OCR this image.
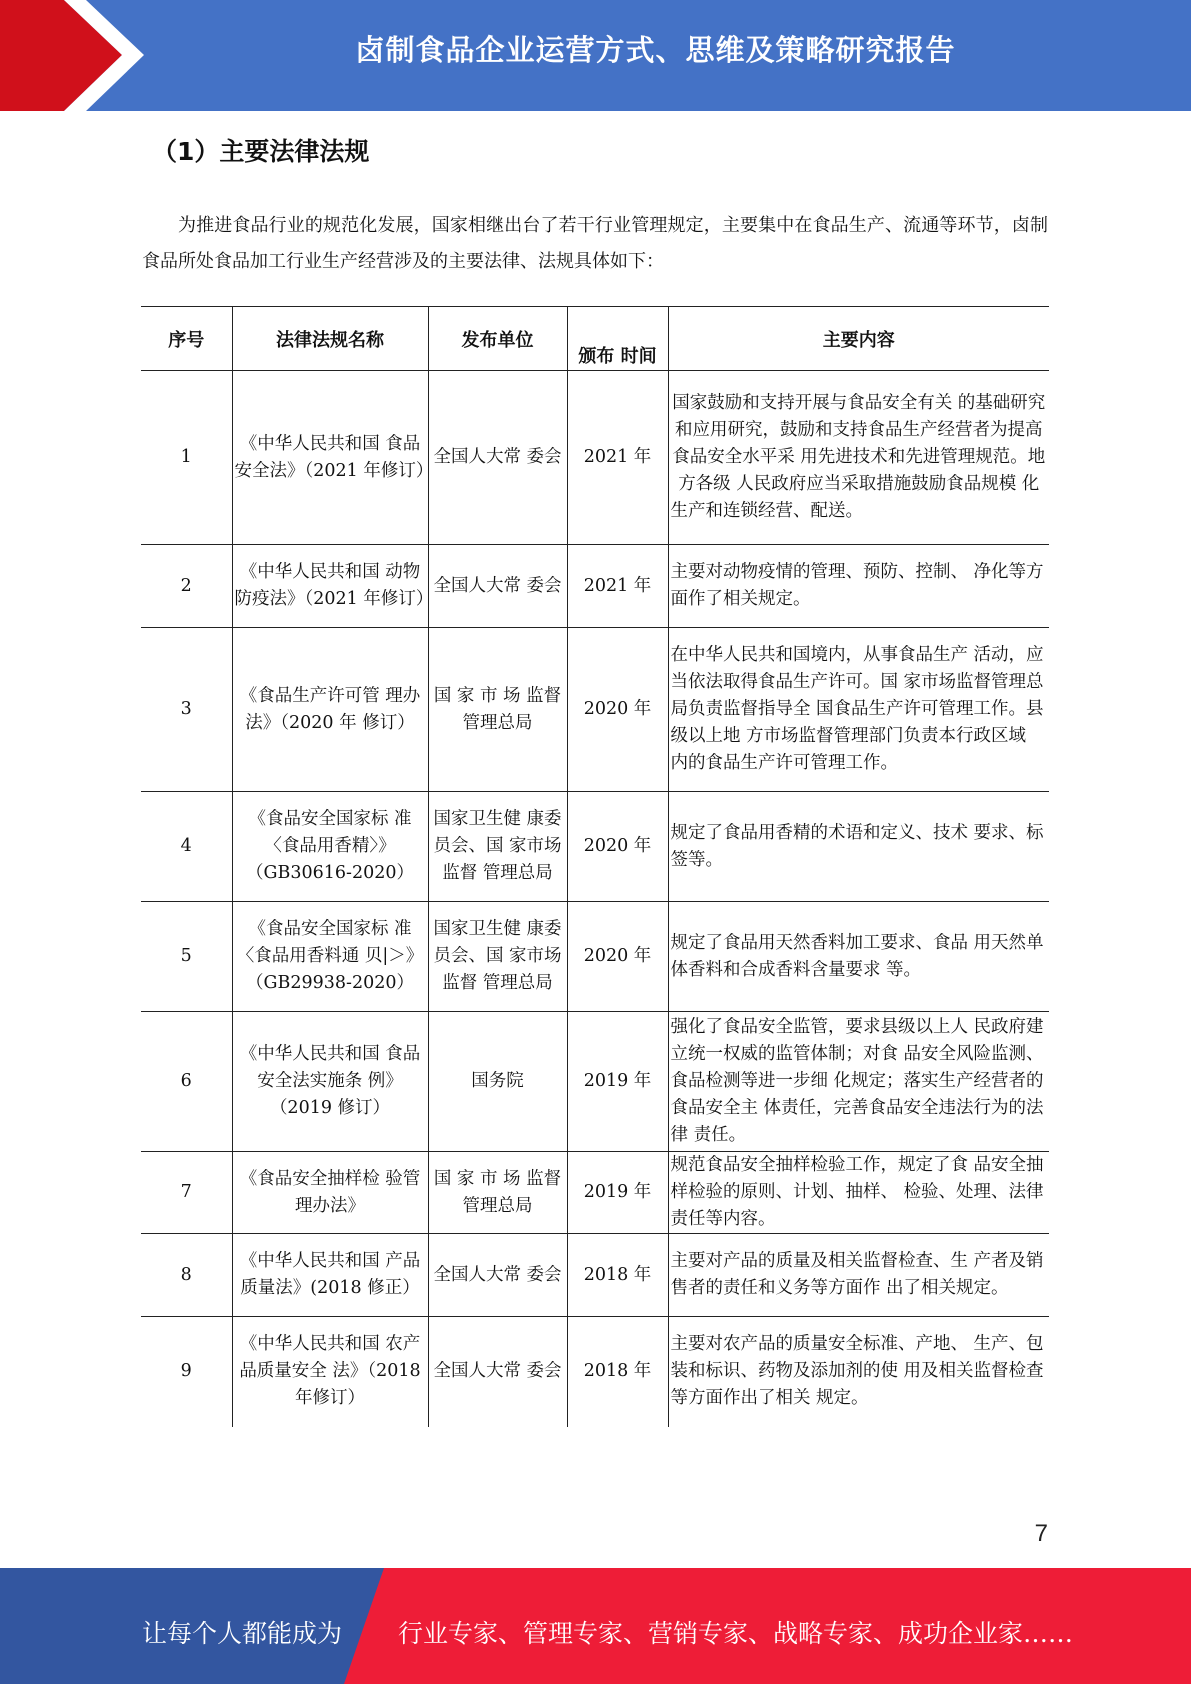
卤制食品企业运营方式、思维及策略研究报告
（1）主要法律法规

为推进食品行业的规范化发展，国家相继出台了若干行业管理规定，主要集中在食品生产、流通等环节，卤制食品所处食品加工行业生产经营涉及的主要法律、法规具体如下：

序号	法律法规名称	发布单位	颁布 时间	主要内容
1	《中华人民共和国 食品安全法》（2021 年修订）	全国人大常 委会	2021 年	国家鼓励和支持开展与食品安全有关 的基础研究和应用研究，鼓励和支持食品生产经营者为提高食品安全水平采 用先进技术和先进管理规范。地方各级 人民政府应当采取措施鼓励食品规模 化生产和连锁经营、配送。
2	《中华人民共和国 动物防疫法》（2021 年修订）	全国人大常 委会	2021 年	主要对动物疫情的管理、预防、控制、 净化等方面作了相关规定。
3	《食品生产许可管 理办法》（2020 年 修订）	国 家 市 场 监督管理总局	2020 年	在中华人民共和国境内，从事食品生产 活动，应当依法取得食品生产许可。国 家市场监督管理总局负责监督指导全 国食品生产许可管理工作。县级以上地 方市场监督管理部门负责本行政区域 内的食品生产许可管理工作。
4	《食品安全国家标 准〈食品用香精〉》（GB30616-2020）	国家卫生健 康委员会、国 家市场监督 管理总局	2020 年	规定了食品用香精的术语和定义、技术 要求、标签等。
5	《食品安全国家标 准〈食品用香料通 贝|＞》（GB29938-2020）	国家卫生健 康委员会、国 家市场监督 管理总局	2020 年	规定了食品用天然香料加工要求、食品 用天然单体香料和合成香料含量要求 等。
6	《中华人民共和国 食品安全法实施条 例》（2019 修订）	国务院	2019 年	强化了食品安全监管，要求县级以上人 民政府建立统一权威的监管体制；对食 品安全风险监测、食品检测等进一步细 化规定；落实生产经营者的食品安全主 体责任，完善食品安全违法行为的法律 责任。
7	《食品安全抽样检 验管理办法》	国 家 市 场 监督管理总局	2019 年	规范食品安全抽样检验工作，规定了食 品安全抽样检验的原则、计划、抽样、 检验、处理、法律责任等内容。
8	《中华人民共和国 产品质量法》(2018 修正）	全国人大常 委会	2018 年	主要对产品的质量及相关监督检查、生 产者及销售者的责任和义务等方面作 出了相关规定。
9	《中华人民共和国 农产品质量安全 法》（2018 年修订）	全国人大常 委会	2018 年	主要对农产品的质量安全标准、产地、 生产、包装和标识、药物及添加剂的使 用及相关监督检查等方面作出了相关 规定。
7
让每个人都能成为 行业专家、管理专家、营销专家、战略专家、成功企业家……
